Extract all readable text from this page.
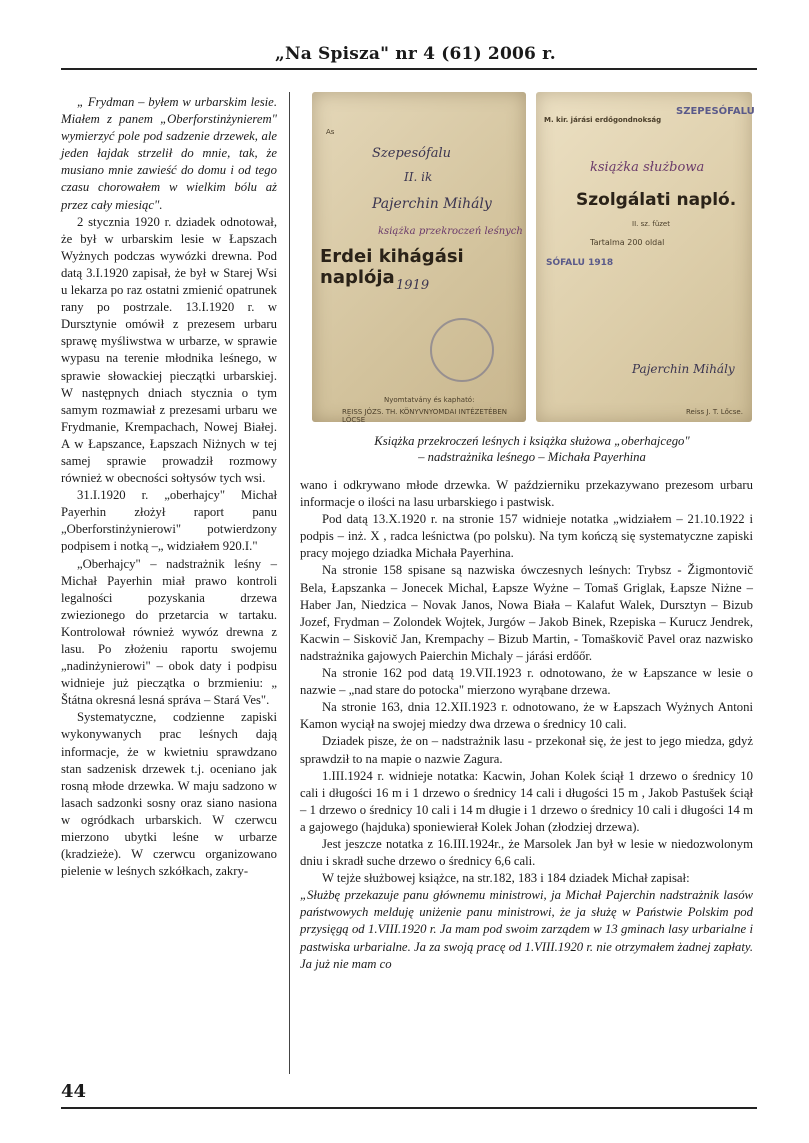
„Na Spisza" nr 4 (61) 2006 r.

„ Frydman – byłem w urbarskim lesie. Miałem z panem „Oberforstinżynierem" wymierzyć pole pod sadzenie drzewek, ale jeden łajdak strzelił do mnie, tak, że musiano mnie zawieść do domu i od tego czasu chorowałem w wielkim bólu aż przez cały miesiąc".

2 stycznia 1920 r. dziadek odnotował, że był w urbarskim lesie w Łapszach Wyżnych podczas wywózki drewna. Pod datą 3.I.1920 zapisał, że był w Starej Wsi u lekarza po raz ostatni zmienić opatrunek rany po postrzale. 13.I.1920 r. w Dursztynie omówił z prezesem urbaru sprawę myśliwstwa w urbarze, w sprawie wypasu na terenie młodnika leśnego, w sprawie słowackiej pieczątki urbarskiej. W następnych dniach stycznia o tym samym rozmawiał z prezesami urbaru we Frydmanie, Krempachach, Nowej Białej. A w Łapszance, Łapszach Niżnych w tej samej sprawie prowadził rozmowy również w obecności sołtysów tych wsi.

31.I.1920 r. „oberhajcy" Michał Payerhin złożył raport panu „Oberforstinżynierowi" potwierdzony podpisem i notką –„ widziałem 920.I."

„Oberhajcy" – nadstrażnik leśny – Michał Payerhin miał prawo kontroli legalności pozyskania drzewa zwiezionego do przetarcia w tartaku. Kontrolował również wywóz drewna z lasu. Po złożeniu raportu swojemu „nadinżynierowi" – obok daty i podpisu widnieje już pieczątka o brzmieniu: „ Štátna okresná lesná správa – Stará Ves".

Systematyczne, codzienne zapiski wykonywanych prac leśnych dają informacje, że w kwietniu sprawdzano stan sadzenisk drzewek t.j. oceniano jak rosną młode drzewka. W maju sadzono w lasach sadzonki sosny oraz siano nasiona w ogródkach urbarskich. W czerwcu mierzono ubytki leśne w urbarze (kradzieże). W czerwcu organizowano pielenie w leśnych szkółkach, zakry-

As
Szepesófalu
II. ik
Pajerchin Mihály
książka przekroczeń leśnych
Erdei kihágási naplója 1919
Nyomtatvány és kapható:
REISS JÓZS. TH. KÖNYVNYOMDAI INTÉZETÉBEN LŐCSE
M. kir. járási erdőgondnokság
SZEPESÓFALU
książka służbowa
Szolgálati napló.
II. sz. füzet
Tartalma 200 oldal
SÓFALU 1918
Pajerchin Mihály
Reiss J. T. Lőcse.
Książka przekroczeń leśnych i książka służowa „oberhajcego"
– nadstrażnika leśnego – Michała Payerhina

wano i odkrywano młode drzewka. W październiku przekazywano prezesom urbaru informacje o ilości na lasu urbarskiego i pastwisk.

Pod datą 13.X.1920 r. na stronie 157 widnieje notatka „widziałem – 21.10.1922 i podpis – inż. X , radca leśnictwa (po polsku). Na tym kończą się systematyczne zapiski pracy mojego dziadka Michała Payerhina.

Na stronie 158 spisane są nazwiska ówczesnych leśnych: Trybsz - Žigmontovič Bela, Łapszanka – Jonecek Michal, Łapsze Wyżne – Tomaš Griglak, Łapsze Niżne – Haber Jan, Niedzica – Novak Janos, Nowa Biała – Kalafut Walek, Dursztyn – Bizub Jozef, Frydman – Zolondek Wojtek, Jurgów – Jakob Binek, Rzepiska – Kurucz Jendrek, Kacwin – Siskovič Jan, Krempachy – Bizub Martin, - Tomaškovič Pavel oraz nazwisko nadstrażnika gajowych Paierchin Michaly – járási erdőőr.

Na stronie 162 pod datą 19.VII.1923 r. odnotowano, że w Łapszance w lesie o nazwie – „nad stare do potocka" mierzono wyrąbane drzewa.

Na stronie 163, dnia 12.XII.1923 r. odnotowano, że w Łapszach Wyżnych Antoni Kamon wyciął na swojej miedzy dwa drzewa o średnicy 10 cali.

Dziadek pisze, że on – nadstrażnik lasu - przekonał się, że jest to jego miedza, gdyż sprawdził to na mapie o nazwie Zagura.

1.III.1924 r. widnieje notatka: Kacwin, Johan Kolek ściął 1 drzewo o średnicy 10 cali i długości 16 m i 1 drzewo o średnicy 14 cali i długości 15 m , Jakob Pastušek ściął – 1 drzewo o średnicy 10 cali i 14 m długie i 1 drzewo o średnicy 10 cali i długości 14 m a gajowego (hajduka) sponiewierał Kolek Johan (złodziej drzewa).

Jest jeszcze notatka z 16.III.1924r., że Marsolek Jan był w lesie w niedozwolonym dniu i skradł suche drzewo o średnicy 6,6 cali.

W tejże służbowej książce, na str.182, 183 i 184 dziadek Michał zapisał:

„Służbę przekazuje panu głównemu ministrowi, ja Michał Pajerchin nadstrażnik lasów państwowych melduję uniżenie panu ministrowi, że ja służę w Państwie Polskim pod przysięgą od 1.VIII.1920 r. Ja mam pod swoim zarządem w 13 gminach lasy urbarialne i pastwiska urbarialne. Ja za swoją pracę od 1.VIII.1920 r. nie otrzymałem żadnej zapłaty. Ja już nie mam co

44
